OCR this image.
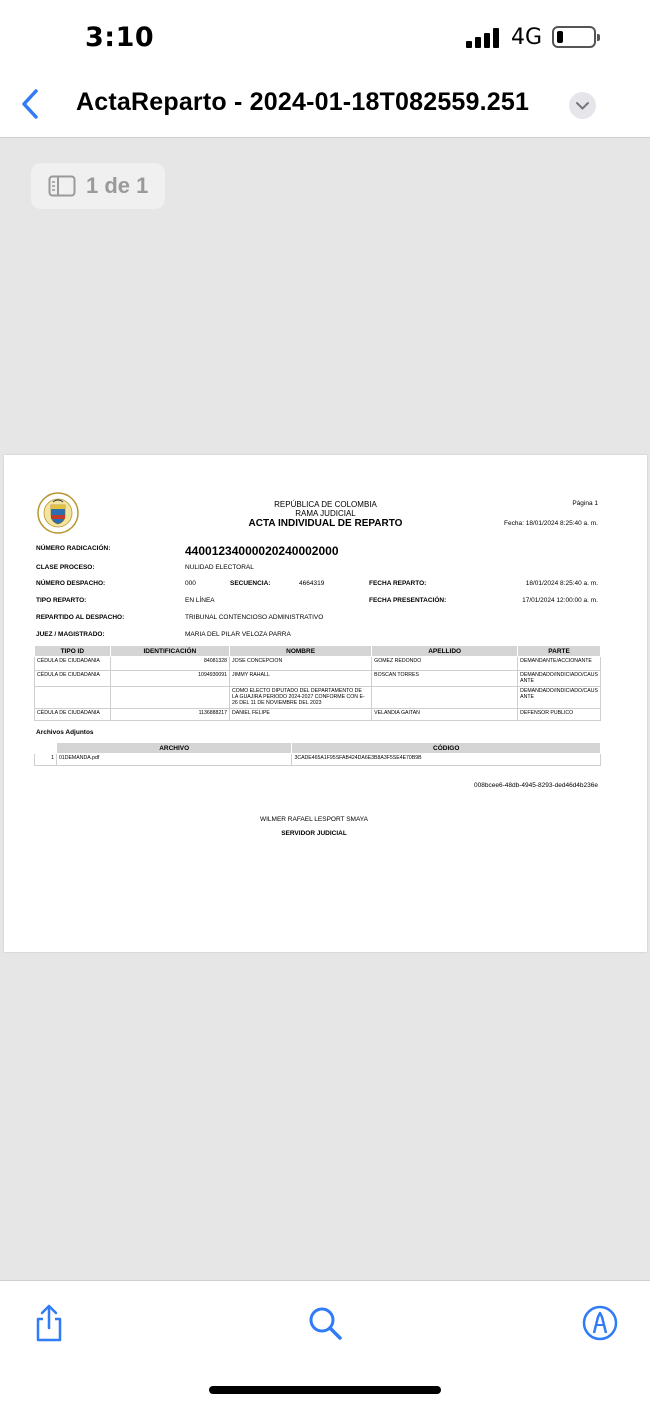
3:10	4G
ActaReparto - 2024-01-18T082559.251
1 de 1
REPÚBLICA DE COLOMBIA
RAMA JUDICIAL
ACTA INDIVIDUAL DE REPARTO
Página 1
Fecha: 18/01/2024 8:25:40 a. m.
NÚMERO RADICACIÓN:	44001234000020240002000
CLASE PROCESO:	NULIDAD ELECTORAL
NÚMERO DESPACHO:	000	SECUENCIA:	4664319	FECHA REPARTO:	18/01/2024 8:25:40 a. m.
TIPO REPARTO:	EN LÍNEA	FECHA PRESENTACIÓN:	17/01/2024 12:00:00 a. m.
REPARTIDO AL DESPACHO:	TRIBUNAL CONTENCIOSO ADMINISTRATIVO
JUEZ / MAGISTRADO:	MARIA DEL PILAR VELOZA PARRA
TIPO ID	IDENTIFICACIÓN	NOMBRE	APELLIDO	PARTE
CÉDULA DE CIUDADANIA	84081328	JOSE CONCEPCION	GOMEZ REDONDO	DEMANDANTE/ACCIONANTE
CÉDULA DE CIUDADANIA	1094930091	JIMMY RAHALL	BOSCAN TORRES	DEMANDADO/INDICIADO/CAUS ANTE
		COMO ELECTO DIPUTADO DEL DEPARTAMENTO DE LA GUAJIRA PERIODO 2024-2027 CONFORME CON E-26 DEL 11 DE NOVIEMBRE DEL 2023		DEMANDADO/INDICIADO/CAUS ANTE
CÉDULA DE CIUDADANIA	1136888217	DANIEL FELIPE	VELANDIA GAITAN	DEFENSOR PUBLICO
Archivos Adjuntos
	ARCHIVO	CÓDIGO
1	01DEMANDA.pdf	3CADE465A1F95SFAB424DA6E3B8A3F5SE4E70B9B
008bcee6-48db-4945-8293-ded46d4b236e
WILMER RAFAEL LESPORT SMAYA
SERVIDOR JUDICIAL
